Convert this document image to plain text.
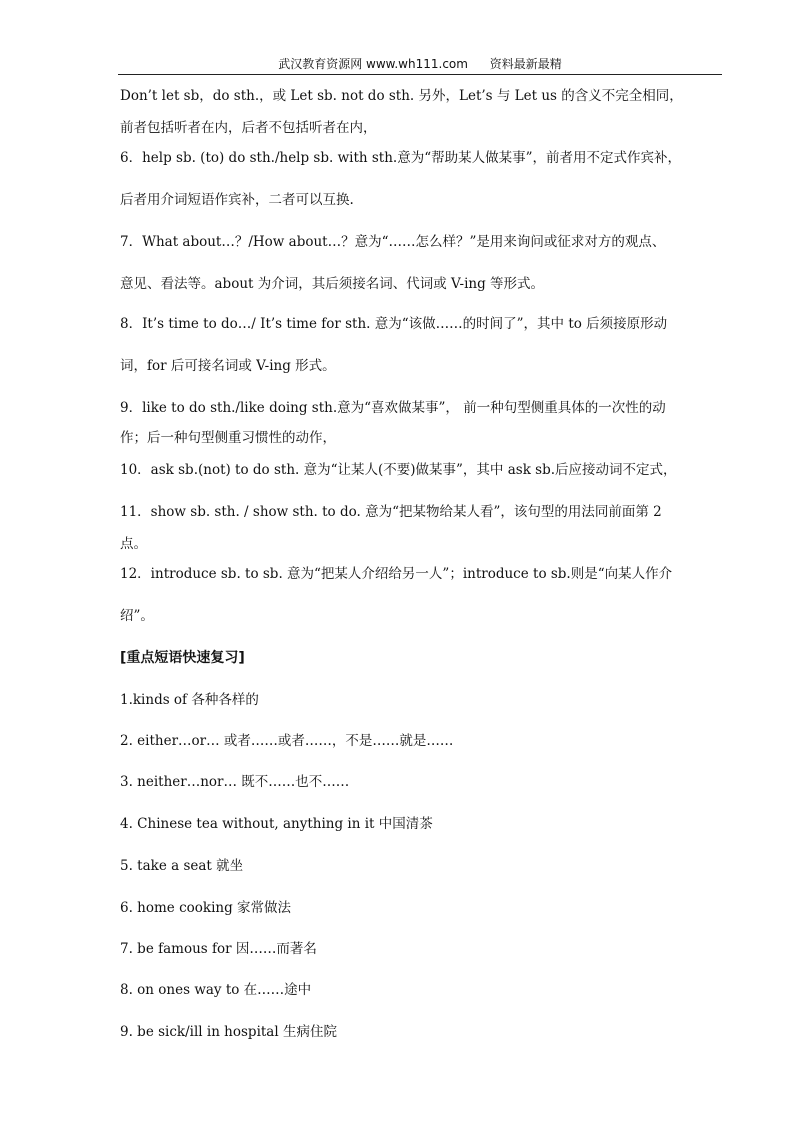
武汉教育资源网 www.wh111.com 资料最新最精
Don’t let sb，do sth.，或 Let sb. not do sth. 另外，Let’s 与 Let us 的含义不完全相同，
前者包括听者在内，后者不包括听者在内，
6．help sb. (to) do sth./help sb. with sth.意为“帮助某人做某事”，前者用不定式作宾补，
后者用介词短语作宾补，二者可以互换.
7．What about…？/How about…？意为“……怎么样？”是用来询问或征求对方的观点、
意见、看法等。about 为介词，其后须接名词、代词或 V-ing 等形式。
8．It’s time to do…/ It’s time for sth. 意为“该做……的时间了”，其中 to 后须接原形动
词，for 后可接名词或 V-ing 形式。
9．like to do sth./like doing sth.意为“喜欢做某事”， 前一种句型侧重具体的一次性的动
作；后一种句型侧重习惯性的动作，
10．ask sb.(not) to do sth. 意为“让某人(不要)做某事”，其中 ask sb.后应接动词不定式，
11．show sb. sth. / show sth. to do. 意为“把某物给某人看”，该句型的用法同前面第 2
点。
12．introduce sb. to sb. 意为“把某人介绍给另一人”；introduce to sb.则是“向某人作介
绍”。
[重点短语快速复习]
1.kinds of 各种各样的
2. either…or… 或者……或者……，不是……就是……
3. neither…nor… 既不……也不……
4. Chinese tea without, anything in it 中国清茶
5. take a seat 就坐
6. home cooking 家常做法
7. be famous for 因……而著名
8. on ones way to 在……途中
9. be sick/ill in hospital 生病住院
